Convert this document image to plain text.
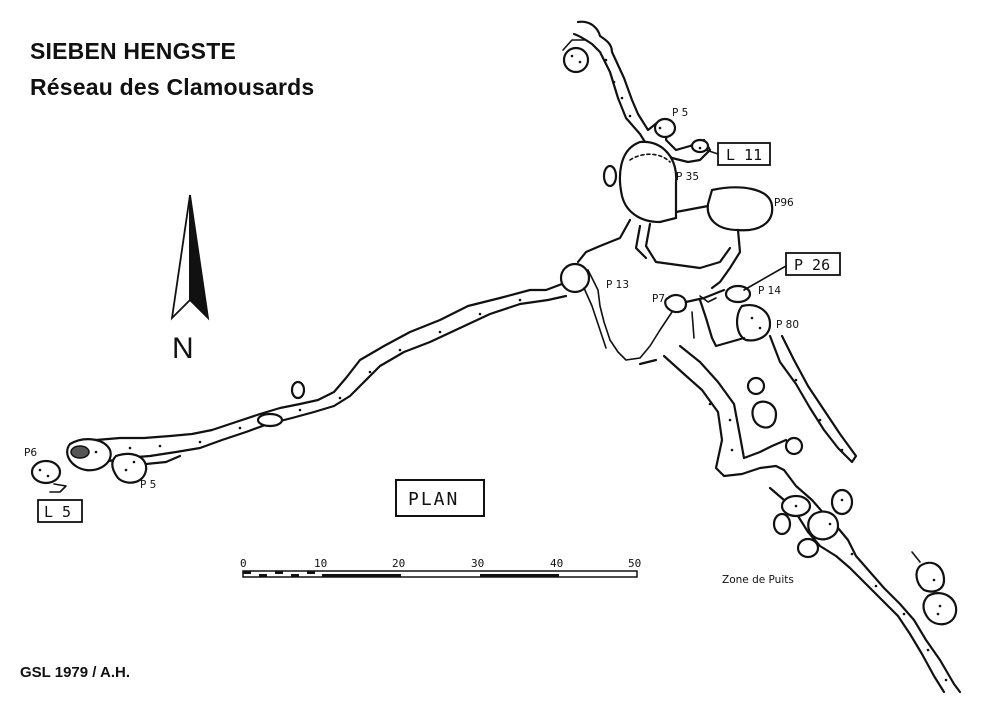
SIEBEN HENGSTE
Réseau des Clamousards
GSL 1979 / A.H.
N
P 5
P 35
P96
P 13	P 14
P7
P 80
P6
P 5
Zone de Puits
L 11
P 26
L 5
PLAN
0	10	20	30	40	50
